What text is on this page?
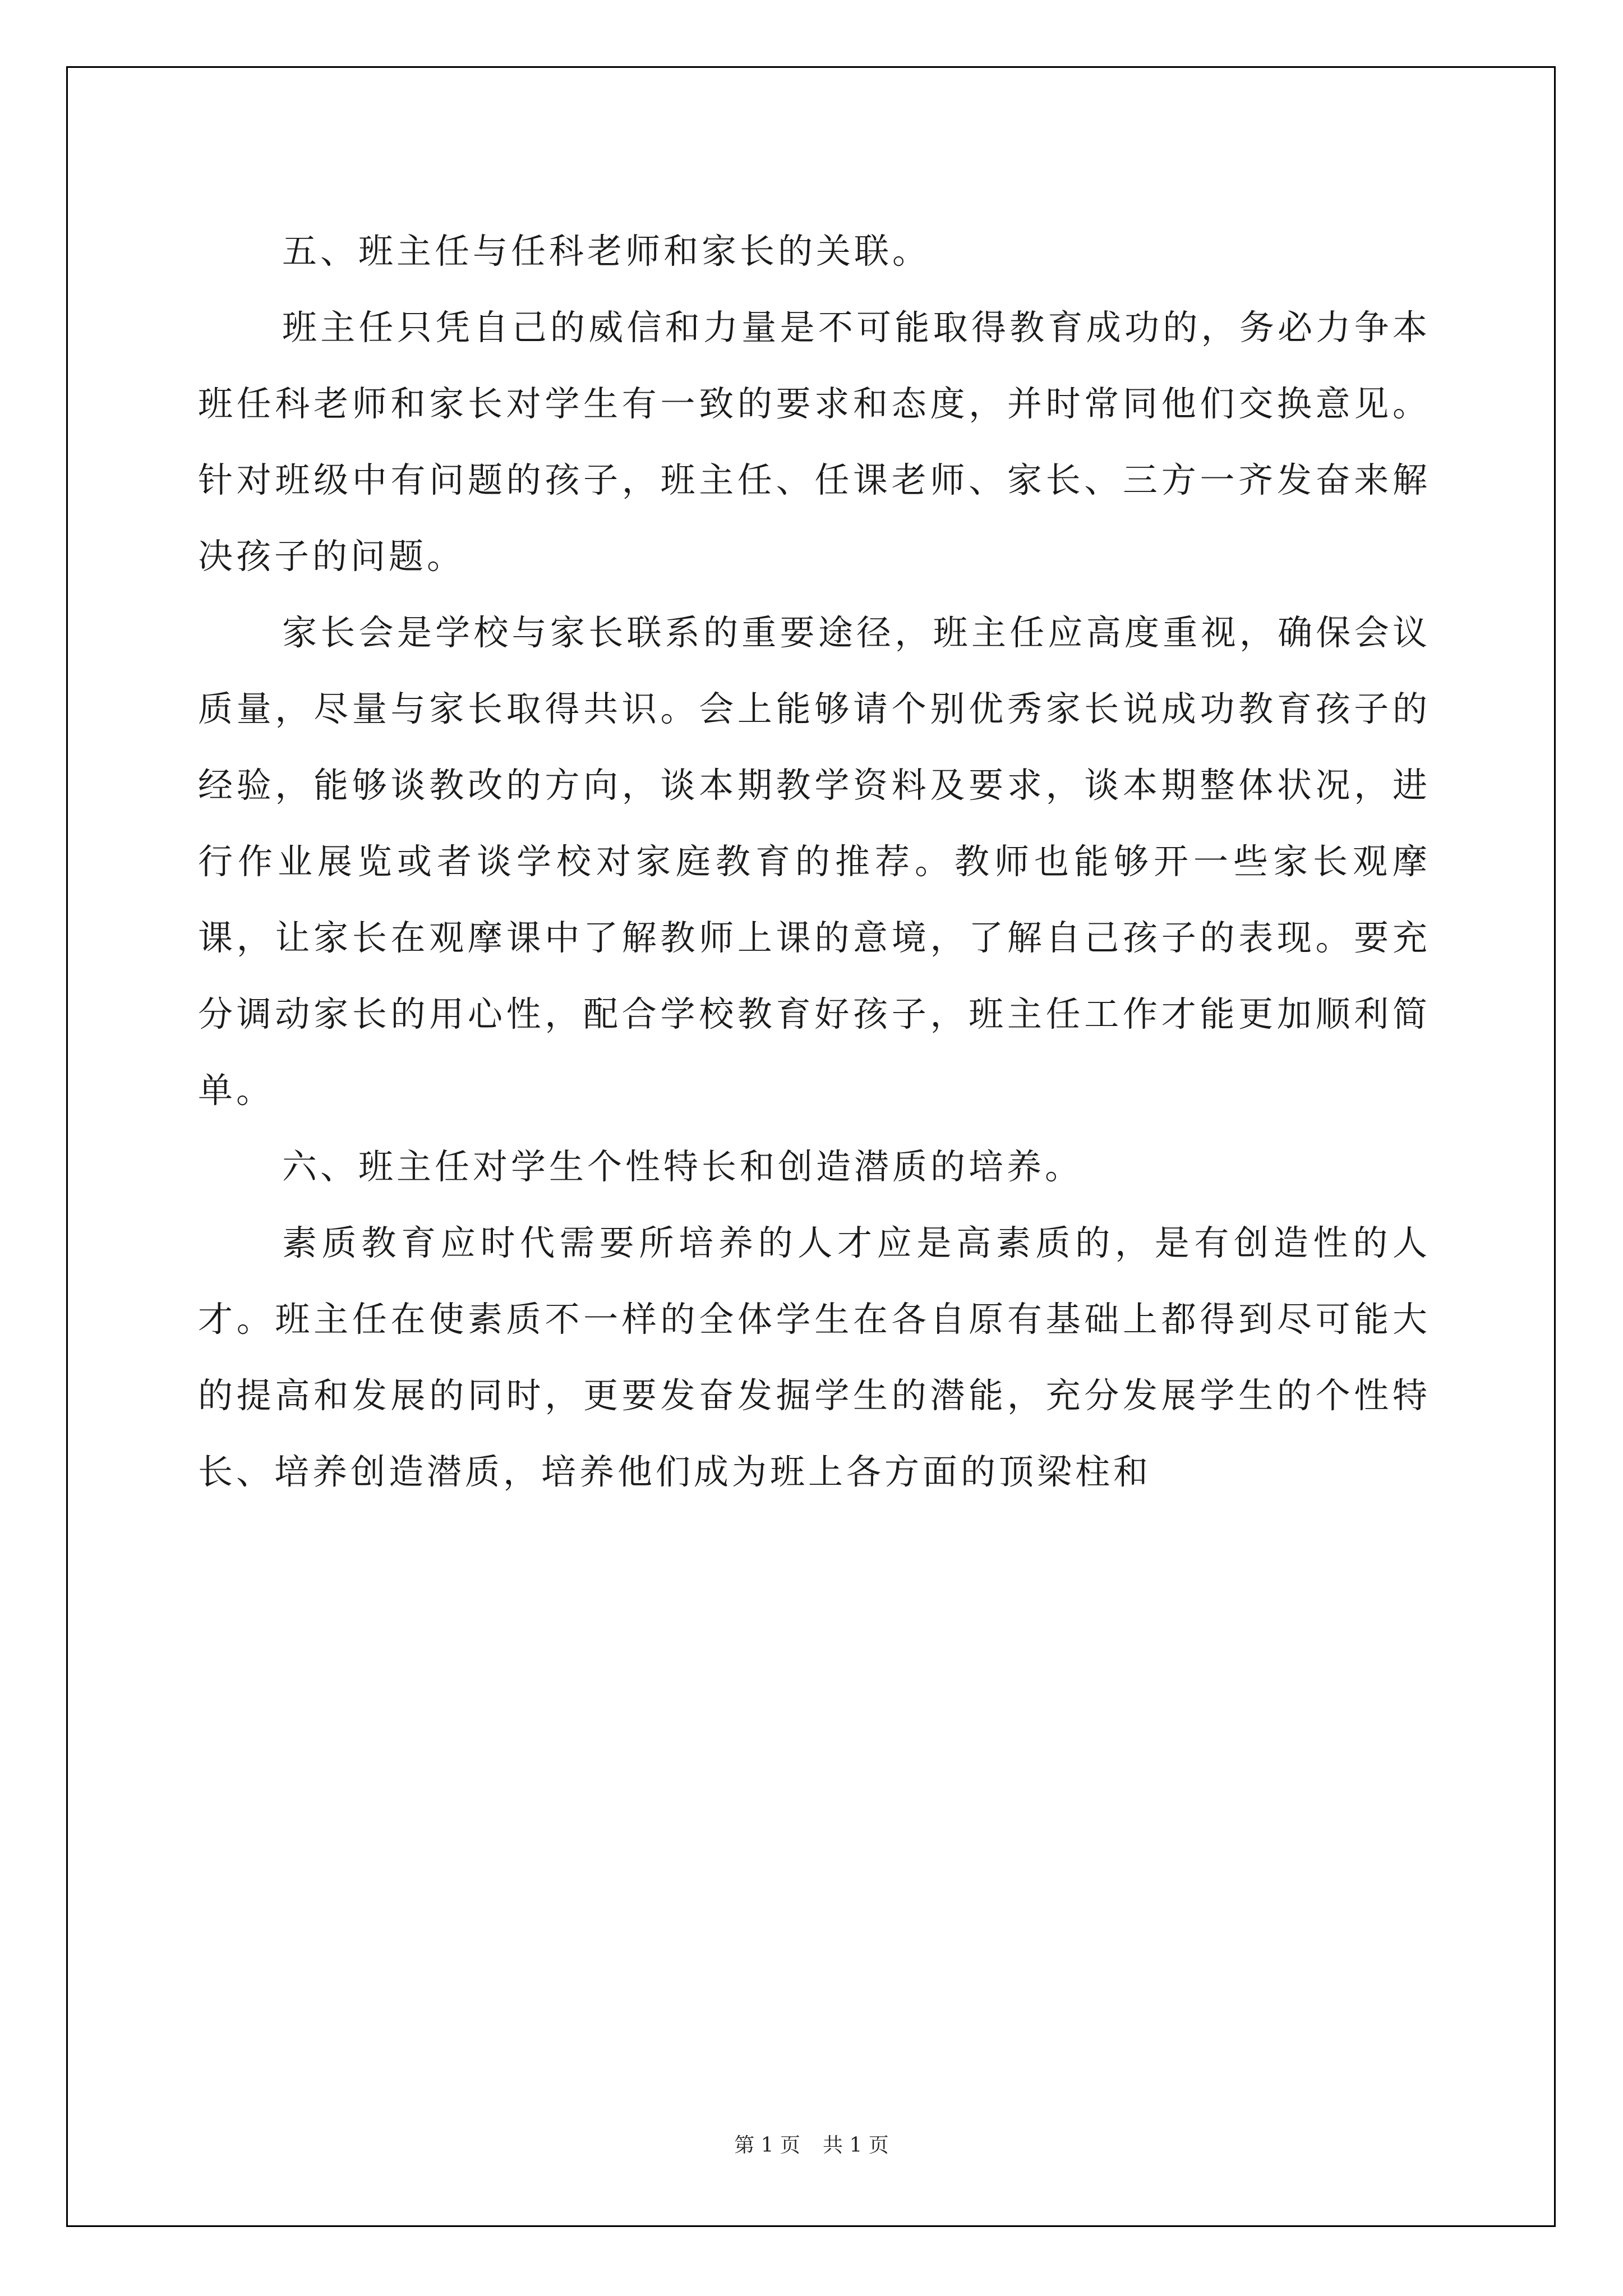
五、班主任与任科老师和家长的关联。

班主任只凭自己的威信和力量是不可能取得教育成功的，务必力争本班任科老师和家长对学生有一致的要求和态度，并时常同他们交换意见。针对班级中有问题的孩子，班主任、任课老师、家长、三方一齐发奋来解决孩子的问题。

家长会是学校与家长联系的重要途径，班主任应高度重视，确保会议质量，尽量与家长取得共识。会上能够请个别优秀家长说成功教育孩子的经验，能够谈教改的方向，谈本期教学资料及要求，谈本期整体状况，进行作业展览或者谈学校对家庭教育的推荐。教师也能够开一些家长观摩课，让家长在观摩课中了解教师上课的意境，了解自己孩子的表现。要充分调动家长的用心性，配合学校教育好孩子，班主任工作才能更加顺利简单。

六、班主任对学生个性特长和创造潜质的培养。

素质教育应时代需要所培养的人才应是高素质的，是有创造性的人才。班主任在使素质不一样的全体学生在各自原有基础上都得到尽可能大的提高和发展的同时，更要发奋发掘学生的潜能，充分发展学生的个性特长、培养创造潜质，培养他们成为班上各方面的顶梁柱和

第 1 页 共 1 页
